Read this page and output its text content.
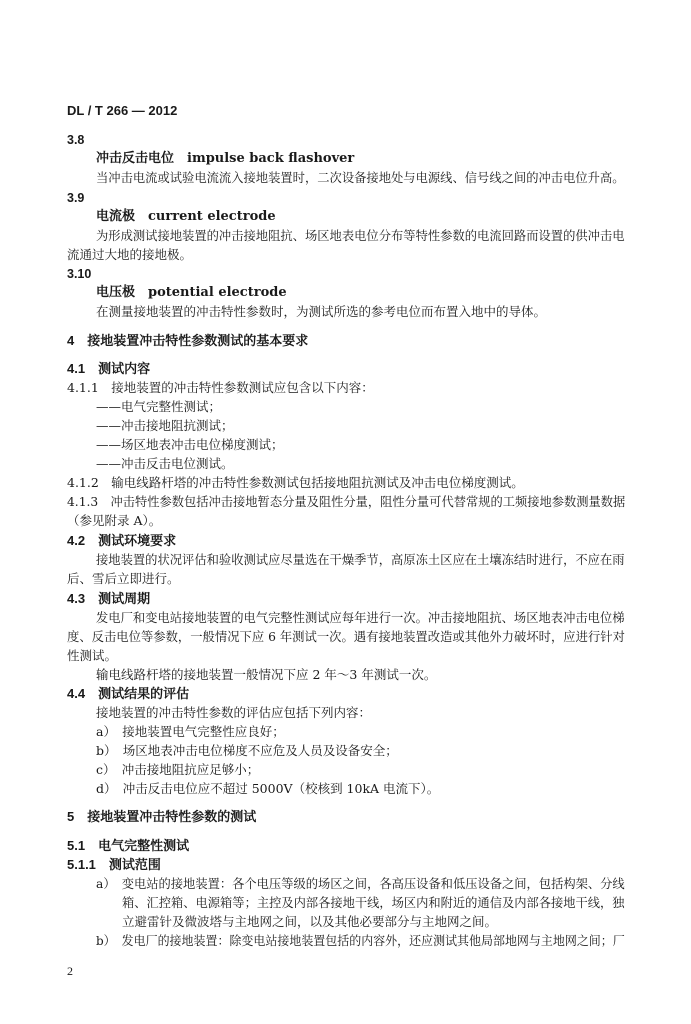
DL / T 266 — 2012
3.8
冲击反击电位　impulse back flashover
当冲击电流或试验电流流入接地装置时，二次设备接地处与电源线、信号线之间的冲击电位升高。
3.9
电流极　current electrode
为形成测试接地装置的冲击接地阻抗、场区地表电位分布等特性参数的电流回路而设置的供冲击电
流通过大地的接地极。
3.10
电压极　potential electrode
在测量接地装置的冲击特性参数时，为测试所选的参考电位而布置入地中的导体。
4　接地装置冲击特性参数测试的基本要求
4.1　测试内容
4.1.1　接地装置的冲击特性参数测试应包含以下内容：
——电气完整性测试；
——冲击接地阻抗测试；
——场区地表冲击电位梯度测试；
——冲击反击电位测试。
4.1.2　输电线路杆塔的冲击特性参数测试包括接地阻抗测试及冲击电位梯度测试。
4.1.3　冲击特性参数包括冲击接地暂态分量及阻性分量，阻性分量可代替常规的工频接地参数测量数据
（参见附录 A）。
4.2　测试环境要求
接地装置的状况评估和验收测试应尽量选在干燥季节，高原冻土区应在土壤冻结时进行，不应在雨
后、雪后立即进行。
4.3　测试周期
发电厂和变电站接地装置的电气完整性测试应每年进行一次。冲击接地阻抗、场区地表冲击电位梯
度、反击电位等参数，一般情况下应 6 年测试一次。遇有接地装置改造或其他外力破坏时，应进行针对
性测试。
输电线路杆塔的接地装置一般情况下应 2 年～3 年测试一次。
4.4　测试结果的评估
接地装置的冲击特性参数的评估应包括下列内容：
a）　接地装置电气完整性应良好；
b）　场区地表冲击电位梯度不应危及人员及设备安全；
c）　冲击接地阻抗应足够小；
d）　冲击反击电位应不超过 5000V（校核到 10kA 电流下）。
5　接地装置冲击特性参数的测试
5.1　电气完整性测试
5.1.1　测试范围
a）　变电站的接地装置：各个电压等级的场区之间，各高压设备和低压设备之间，包括构架、分线
箱、汇控箱、电源箱等；主控及内部各接地干线，场区内和附近的通信及内部各接地干线，独
立避雷针及微波塔与主地网之间，以及其他必要部分与主地网之间。
b）　发电厂的接地装置：除变电站接地装置包括的内容外，还应测试其他局部地网与主地网之间；厂
2
